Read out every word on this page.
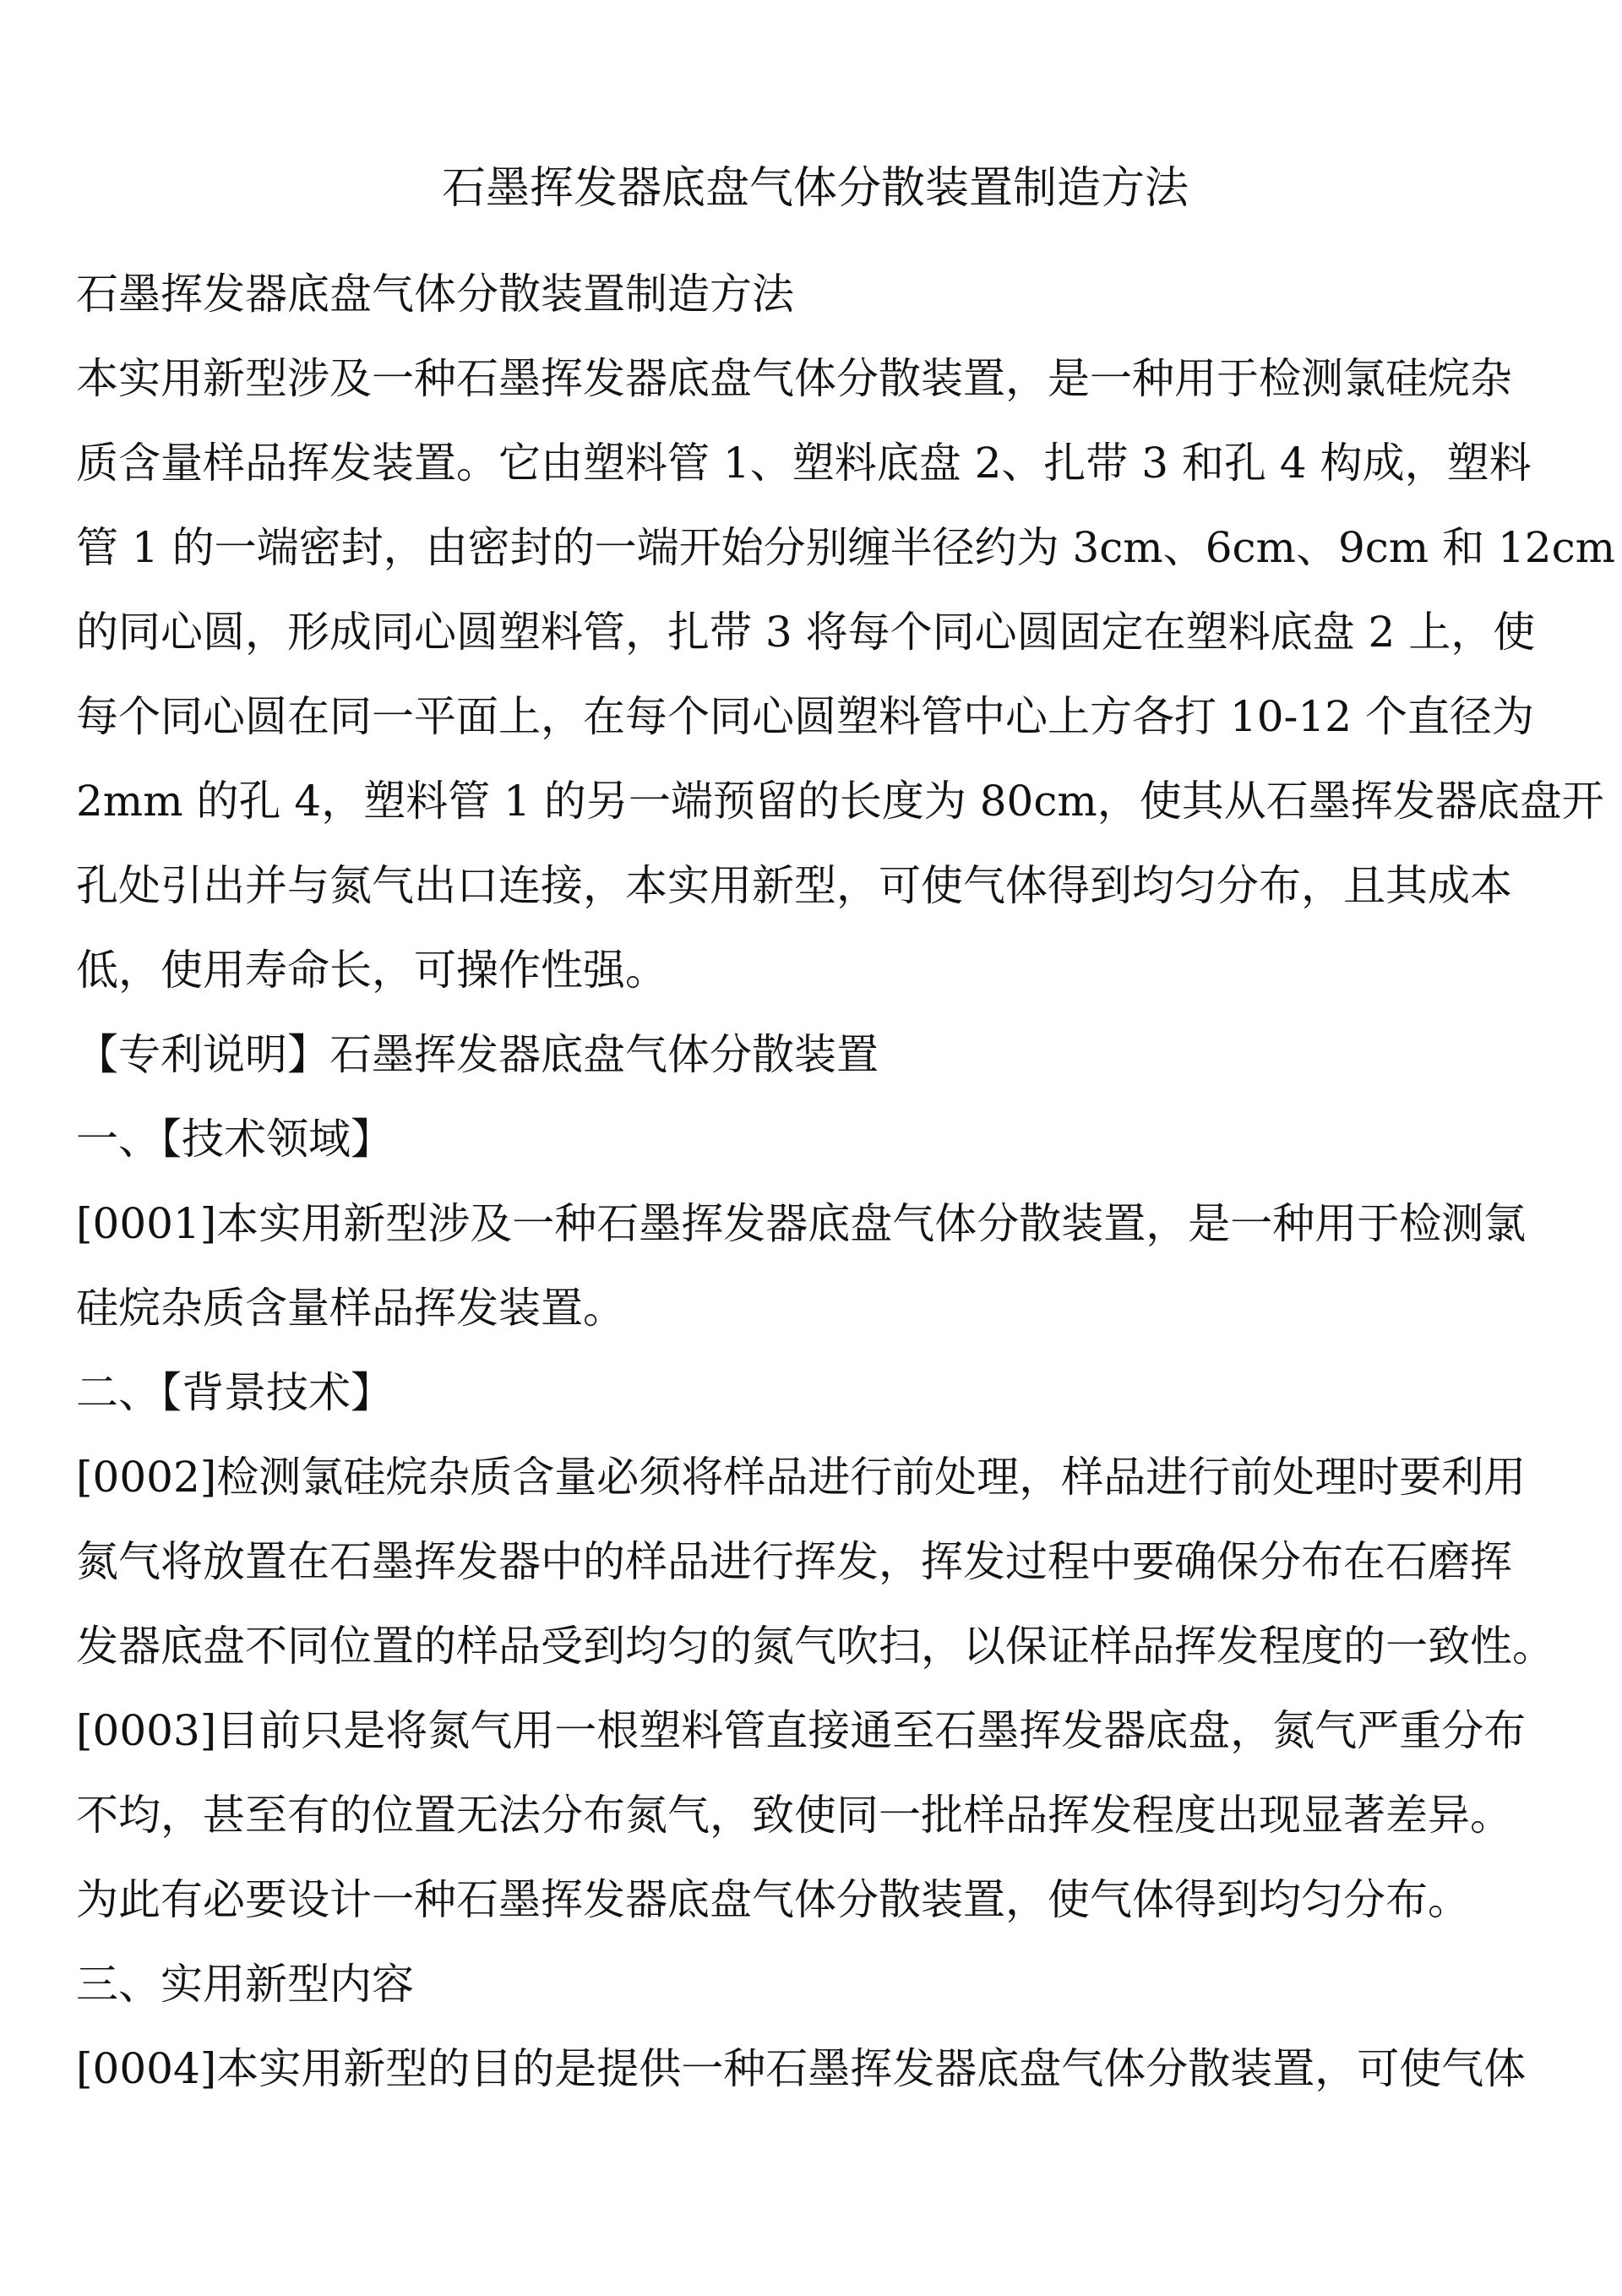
石墨挥发器底盘气体分散装置制造方法

石墨挥发器底盘气体分散装置制造方法

本实用新型涉及一种石墨挥发器底盘气体分散装置，是一种用于检测氯硅烷杂

质含量样品挥发装置。它由塑料管 1、塑料底盘 2、扎带 3 和孔 4 构成，塑料

管 1 的一端密封，由密封的一端开始分别缠半径约为 3cm、6cm、9cm 和 12cm

的同心圆，形成同心圆塑料管，扎带 3 将每个同心圆固定在塑料底盘 2 上，使

每个同心圆在同一平面上，在每个同心圆塑料管中心上方各打 10-12 个直径为

2mm 的孔 4，塑料管 1 的另一端预留的长度为 80cm，使其从石墨挥发器底盘开

孔处引出并与氮气出口连接，本实用新型，可使气体得到均匀分布，且其成本

低，使用寿命长，可操作性强。

【专利说明】石墨挥发器底盘气体分散装置

一、【技术领域】

[0001]本实用新型涉及一种石墨挥发器底盘气体分散装置，是一种用于检测氯

硅烷杂质含量样品挥发装置。

二、【背景技术】

[0002]检测氯硅烷杂质含量必须将样品进行前处理，样品进行前处理时要利用

氮气将放置在石墨挥发器中的样品进行挥发，挥发过程中要确保分布在石磨挥

发器底盘不同位置的样品受到均匀的氮气吹扫，以保证样品挥发程度的一致性。

[0003]目前只是将氮气用一根塑料管直接通至石墨挥发器底盘，氮气严重分布

不均，甚至有的位置无法分布氮气，致使同一批样品挥发程度出现显著差异。

为此有必要设计一种石墨挥发器底盘气体分散装置，使气体得到均匀分布。

三、实用新型内容

[0004]本实用新型的目的是提供一种石墨挥发器底盘气体分散装置，可使气体
